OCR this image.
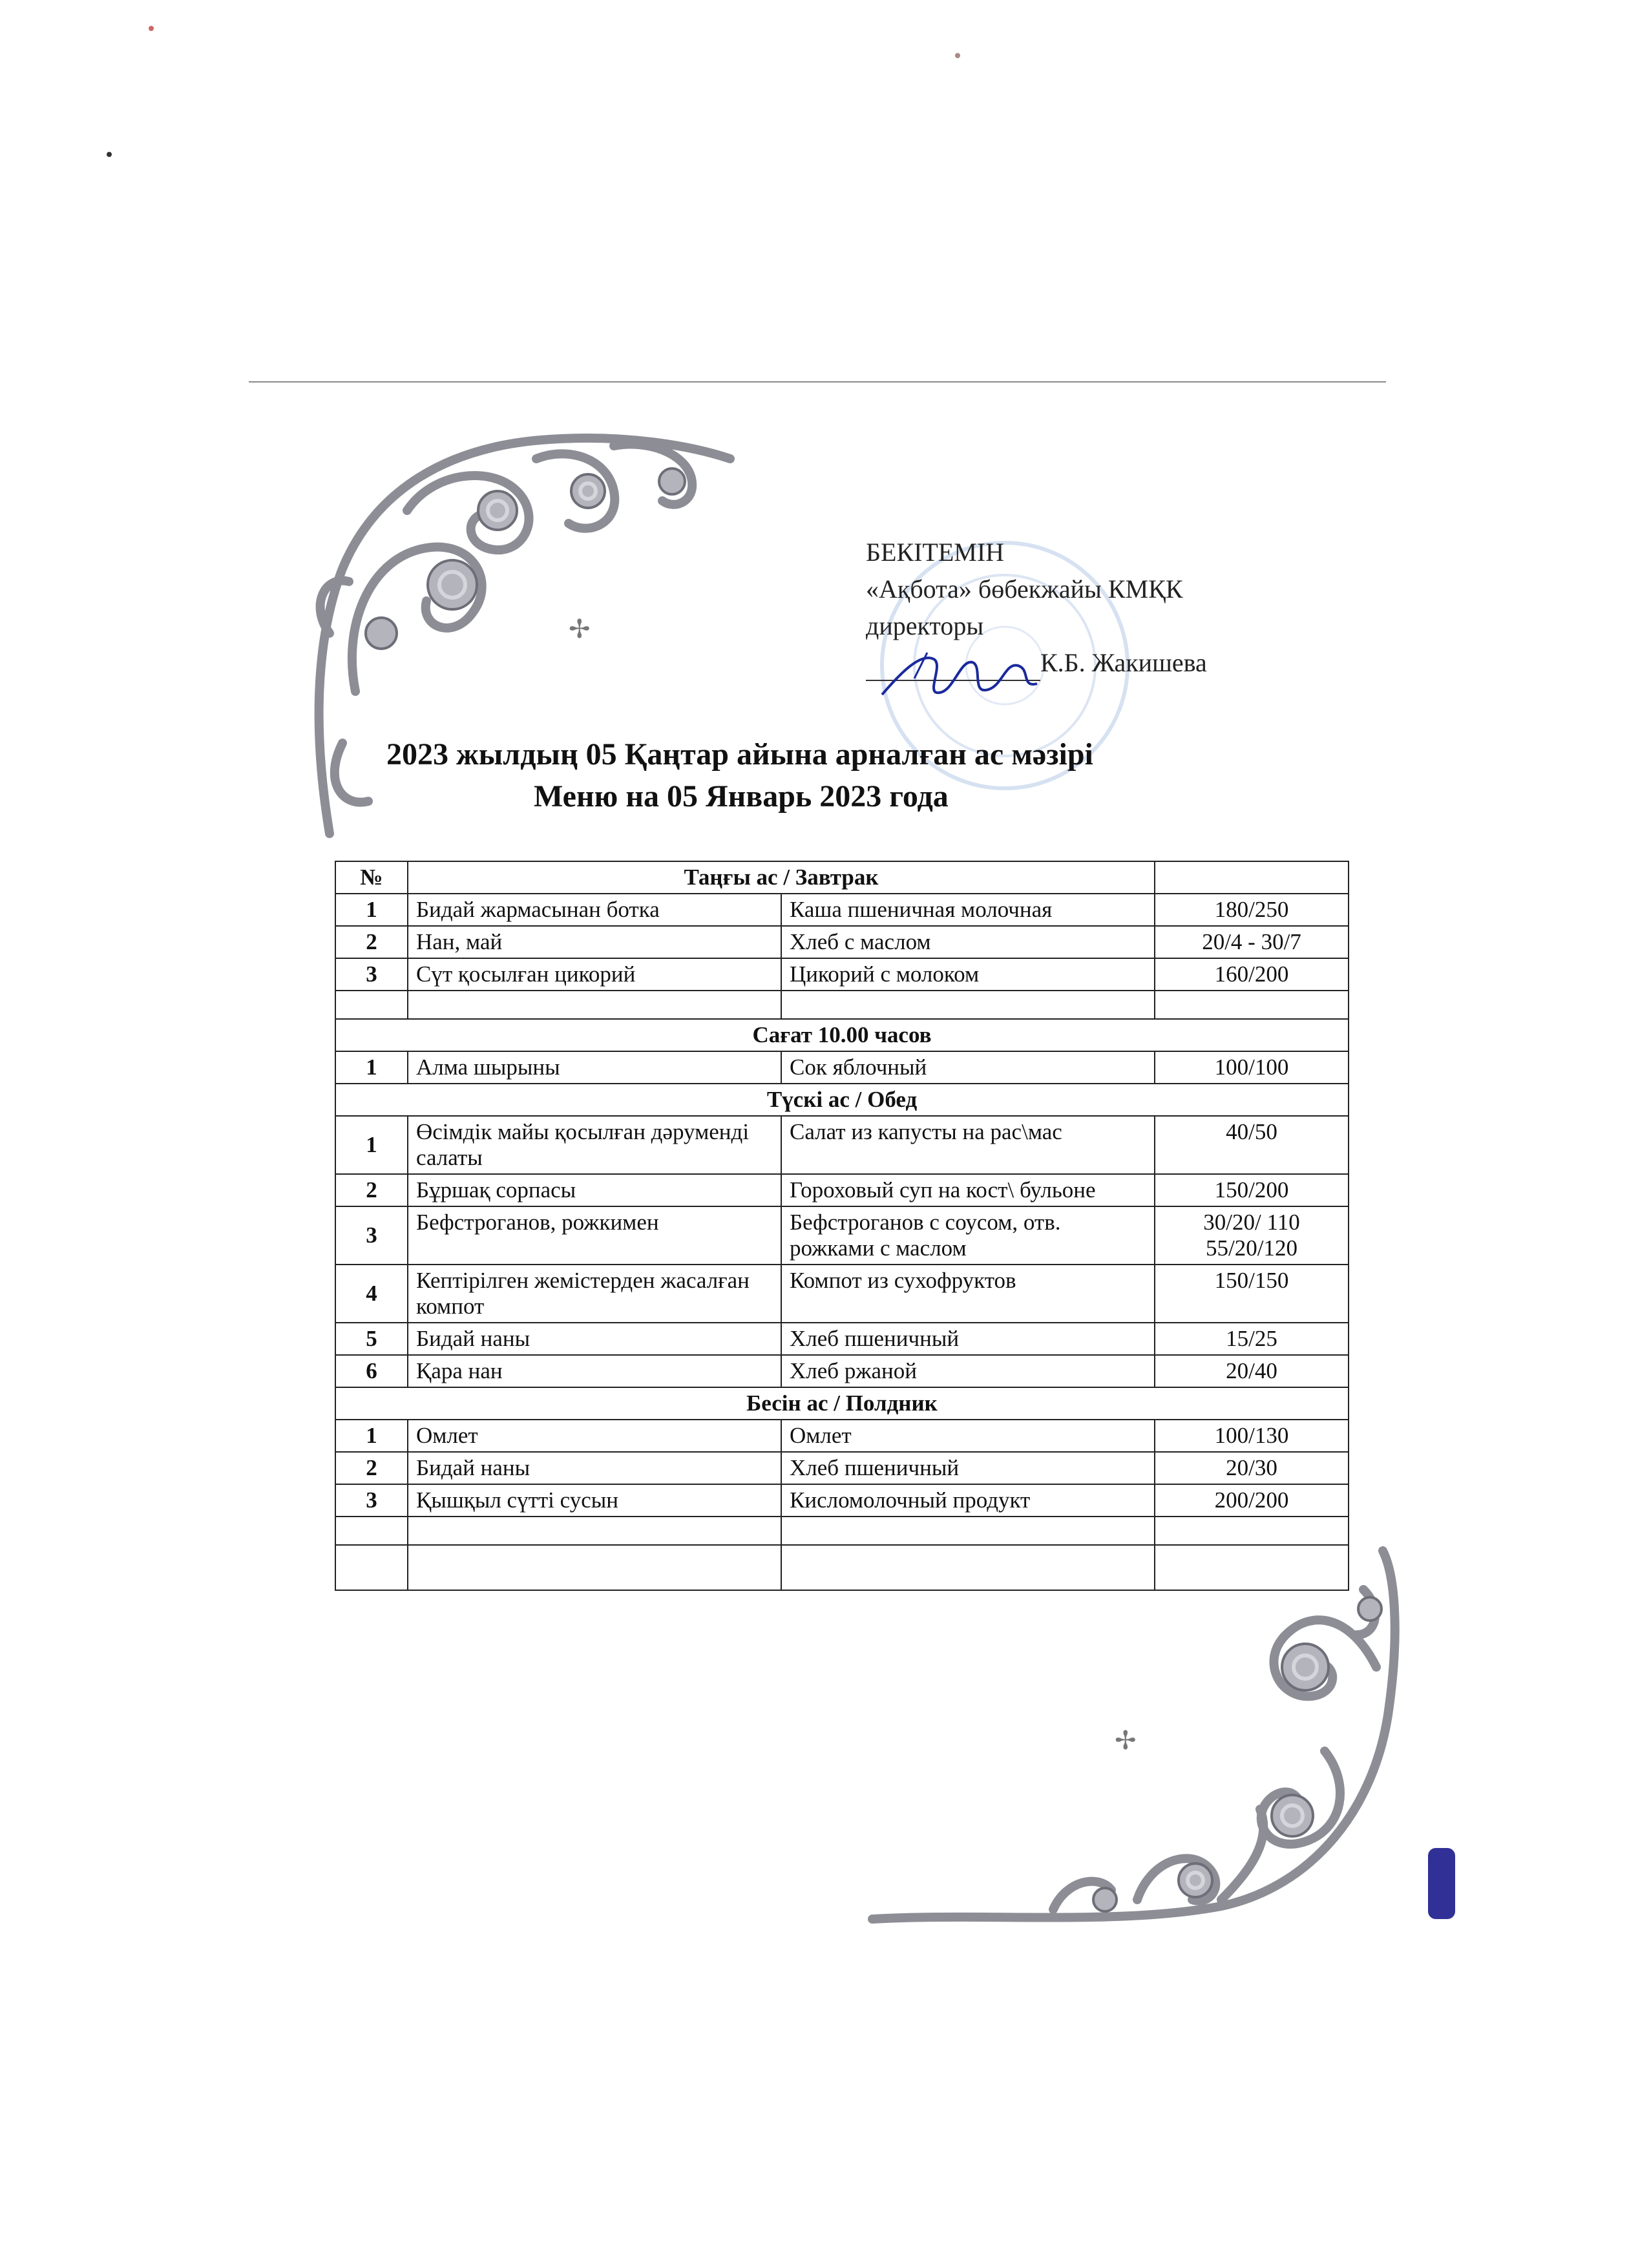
✢
✢
БЕКІТЕМІН
«Ақбота» бөбекжайы КМҚК
директоры
К.Б. Жакишева
2023 жылдың 05 Қаңтар айына арналған ас мәзірі
Меню на 05 Январь 2023 года
№	Таңғы ас / Завтрак		
1	Бидай жармасынан ботка	Каша пшеничная молочная	180/250
2	Нан, май	Хлеб с маслом	20/4 - 30/7
3	Сүт қосылған цикорий	Цикорий с молоком	160/200

Сағат 10.00 часов			
1	Алма шырыны	Сок яблочный	100/100
Түскі ас / Обед			
1	Өсімдік майы қосылған дәруменді салаты	Салат из капусты на рас\мас	40/50
2	Бұршақ сорпасы	Гороховый суп на кост\ бульоне	150/200
3	Бефстроганов, рожкимен	Бефстроганов с соусом, отв. рожками с маслом	30/20/ 110 55/20/120
4	Кептірілген жемістерден жасалған компот	Компот из сухофруктов	150/150
5	Бидай наны	Хлеб пшеничный	15/25
6	Қара нан	Хлеб ржаной	20/40
Бесін ас / Полдник			
1	Омлет	Омлет	100/130
2	Бидай наны	Хлеб пшеничный	20/30
3	Қышқыл сүтті сусын	Кисломолочный продукт	200/200
